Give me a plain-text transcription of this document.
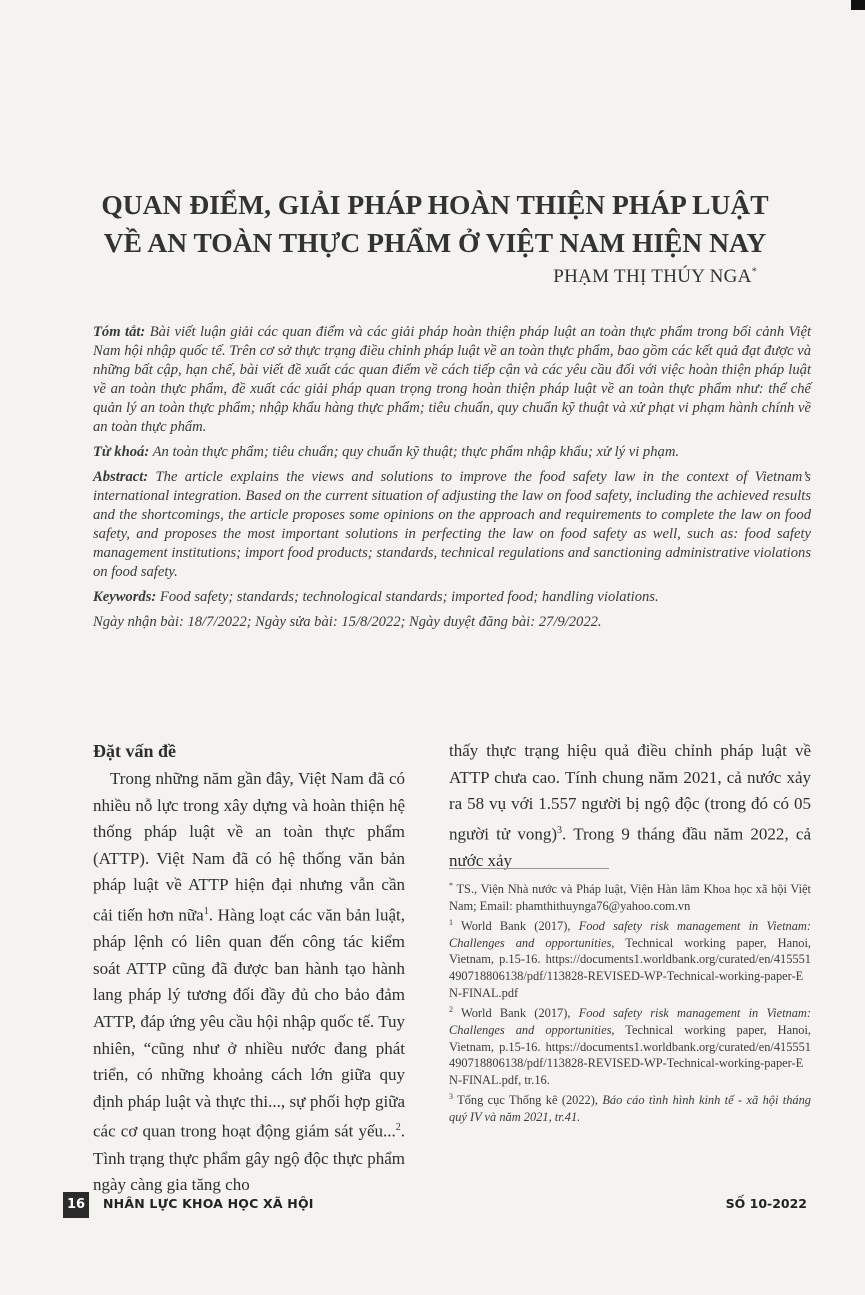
QUAN ĐIỂM, GIẢI PHÁP HOÀN THIỆN PHÁP LUẬT
VỀ AN TOÀN THỰC PHẨM Ở VIỆT NAM HIỆN NAY
PHẠM THỊ THÚY NGA*

Tóm tắt: Bài viết luận giải các quan điểm và các giải pháp hoàn thiện pháp luật an toàn thực phẩm trong bối cảnh Việt Nam hội nhập quốc tế. Trên cơ sở thực trạng điều chỉnh pháp luật về an toàn thực phẩm, bao gồm các kết quả đạt được và những bất cập, hạn chế, bài viết đề xuất các quan điểm về cách tiếp cận và các yêu cầu đối với việc hoàn thiện pháp luật về an toàn thực phẩm, đề xuất các giải pháp quan trọng trong hoàn thiện pháp luật về an toàn thực phẩm như: thể chế quản lý an toàn thực phẩm; nhập khẩu hàng thực phẩm; tiêu chuẩn, quy chuẩn kỹ thuật và xử phạt vi phạm hành chính về an toàn thực phẩm.

Từ khoá: An toàn thực phẩm; tiêu chuẩn; quy chuẩn kỹ thuật; thực phẩm nhập khẩu; xử lý vi phạm.

Abstract: The article explains the views and solutions to improve the food safety law in the context of Vietnam’s international integration. Based on the current situation of adjusting the law on food safety, including the achieved results and the shortcomings, the article proposes some opinions on the approach and requirements to complete the law on food safety, and proposes the most important solutions in perfecting the law on food safety as well, such as: food safety management institutions; import food products; standards, technical regulations and sanctioning administrative violations on food safety.

Keywords: Food safety; standards; technological standards; imported food; handling violations.

Ngày nhận bài: 18/7/2022; Ngày sửa bài: 15/8/2022; Ngày duyệt đăng bài: 27/9/2022.

Đặt vấn đề

 Trong những năm gần đây, Việt Nam đã có nhiều nỗ lực trong xây dựng và hoàn thiện hệ thống pháp luật về an toàn thực phẩm (ATTP). Việt Nam đã có hệ thống văn bản pháp luật về ATTP hiện đại nhưng vẫn cần cải tiến hơn nữa$^1$. Hàng loạt các văn bản luật, pháp lệnh có liên quan đến công tác kiểm soát ATTP cũng đã được ban hành tạo hành lang pháp lý tương đối đầy đủ cho bảo đảm ATTP, đáp ứng yêu cầu hội nhập quốc tế. Tuy nhiên, “cũng như ở nhiều nước đang phát triển, có những khoảng cách lớn giữa quy định pháp luật và thực thi..., sự phối hợp giữa các cơ quan trong hoạt động giám sát yếu...$^2$. Tình trạng thực phẩm gây ngộ độc thực phẩm ngày càng gia tăng cho

thấy thực trạng hiệu quả điều chỉnh pháp luật về ATTP chưa cao. Tính chung năm 2021, cả nước xảy ra 58 vụ với 1.557 người bị ngộ độc (trong đó có 05 người tử vong)$^3$. Trong 9 tháng đầu năm 2022, cả nước xảy

* TS., Viện Nhà nước và Pháp luật, Viện Hàn lâm Khoa học xã hội Việt Nam; Email: phamthithuynga76@yahoo.com.vn
$^1$ World Bank (2017), Food safety risk management in Vietnam: Challenges and opportunities, Technical working paper, Hanoi, Vietnam, p.15-16. https://documents1.worldbank.org/curated/en/415551490718806138/pdf/113828-REVISED-WP-Technical-working-paper-EN-FINAL.pdf
$^2$ World Bank (2017), Food safety risk management in Vietnam: Challenges and opportunities, Technical working paper, Hanoi, Vietnam, p.15-16. https://documents1.worldbank.org/curated/en/415551490718806138/pdf/113828-REVISED-WP-Technical-working-paper-EN-FINAL.pdf, tr.16.
$^3$ Tổng cục Thống kê (2022), Báo cáo tình hình kinh tế - xã hội tháng quý IV và năm 2021, tr.41.
16	NHÂN LỰC KHOA HỌC XÃ HỘI	SỐ 10-2022
